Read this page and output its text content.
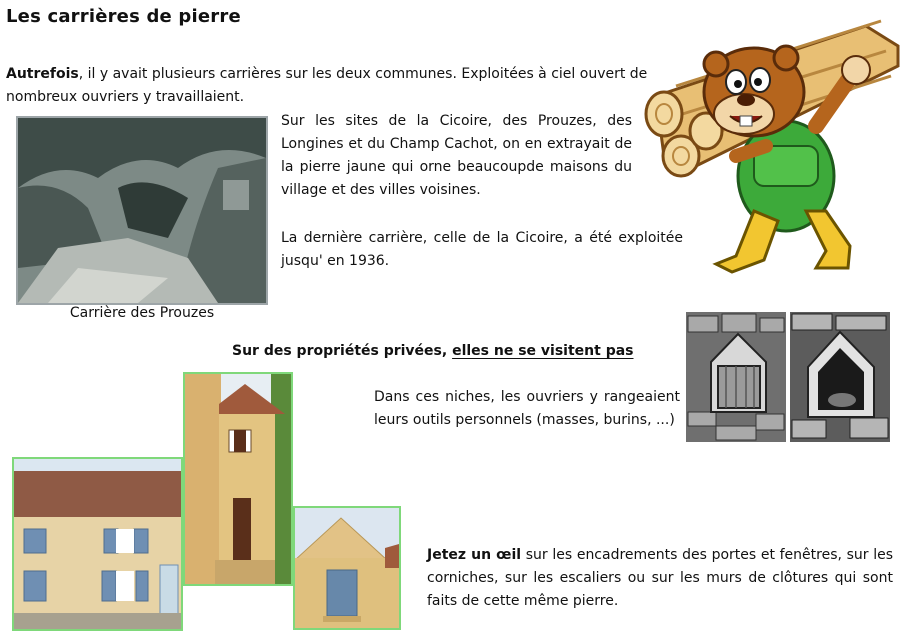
Les carrières de pierre
Autrefois, il y avait plusieurs carrières sur les deux communes. Exploitées à ciel ouvert de nombreux ouvriers y travaillaient.
Carrière des Prouzes
Sur les sites de la Cicoire, des Prouzes, des Longines et du Champ Cachot, on en extrayait de la pierre jaune qui orne beaucoupde maisons du village et des villes voisines.
La dernière carrière, celle de la Cicoire, a été exploitée jusqu' en 1936.
Sur des propriétés privées, elles ne se visitent pas
Dans ces niches, les ouvriers y rangeaient leurs outils personnels (masses, burins, ...)
Jetez un œil sur les encadrements des portes et fenêtres, sur les corniches, sur les escaliers ou sur les murs de clôtures qui sont faits de cette même pierre.
